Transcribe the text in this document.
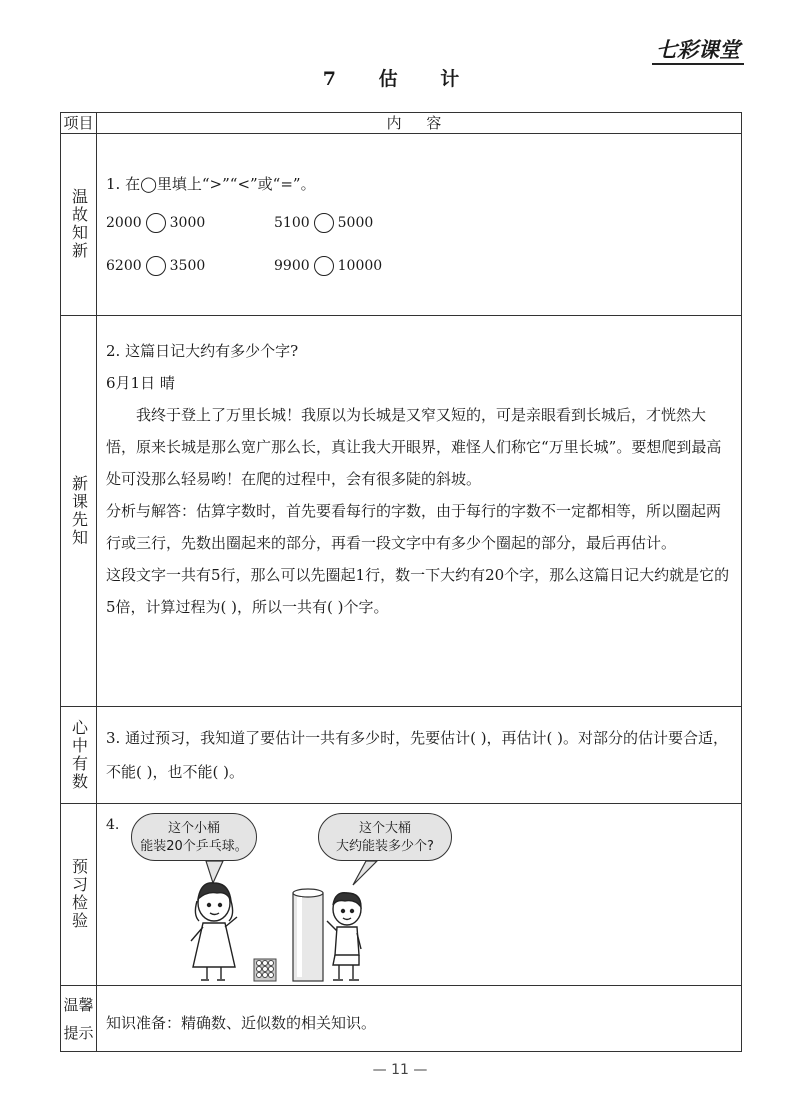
七彩课堂
7 估 计
项目	内 容
温故知新

1. 在◯里填上“>”“<”或“=”。

2000 3000	5100 5000
6200 3500	9900 10000
新课先知

2. 这篇日记大约有多少个字?

6月1日 晴

我终于登上了万里长城！我原以为长城是又窄又短的，可是亲眼看到长城后，才恍然大悟，原来长城是那么宽广那么长，真让我大开眼界，难怪人们称它“万里长城”。要想爬到最高处可没那么轻易哟！在爬的过程中，会有很多陡的斜坡。

分析与解答：估算字数时，首先要看每行的字数，由于每行的字数不一定都相等，所以圈起两行或三行，先数出圈起来的部分，再看一段文字中有多少个圈起的部分，最后再估计。

这段文字一共有5行，那么可以先圈起1行，数一下大约有20个字，那么这篇日记大约就是它的5倍，计算过程为( )，所以一共有( )个字。

心中有数 3. 通过预习，我知道了要估计一共有多少时，先要估计( )，再估计( )。对部分的估计要合适，不能( )，也不能( )。

预习检验
4.	这个小桶
能装20个乒乓球。
这个大桶
大约能装多少个?
温馨提示

知识准备：精确数、近似数的相关知识。

— 11 —
